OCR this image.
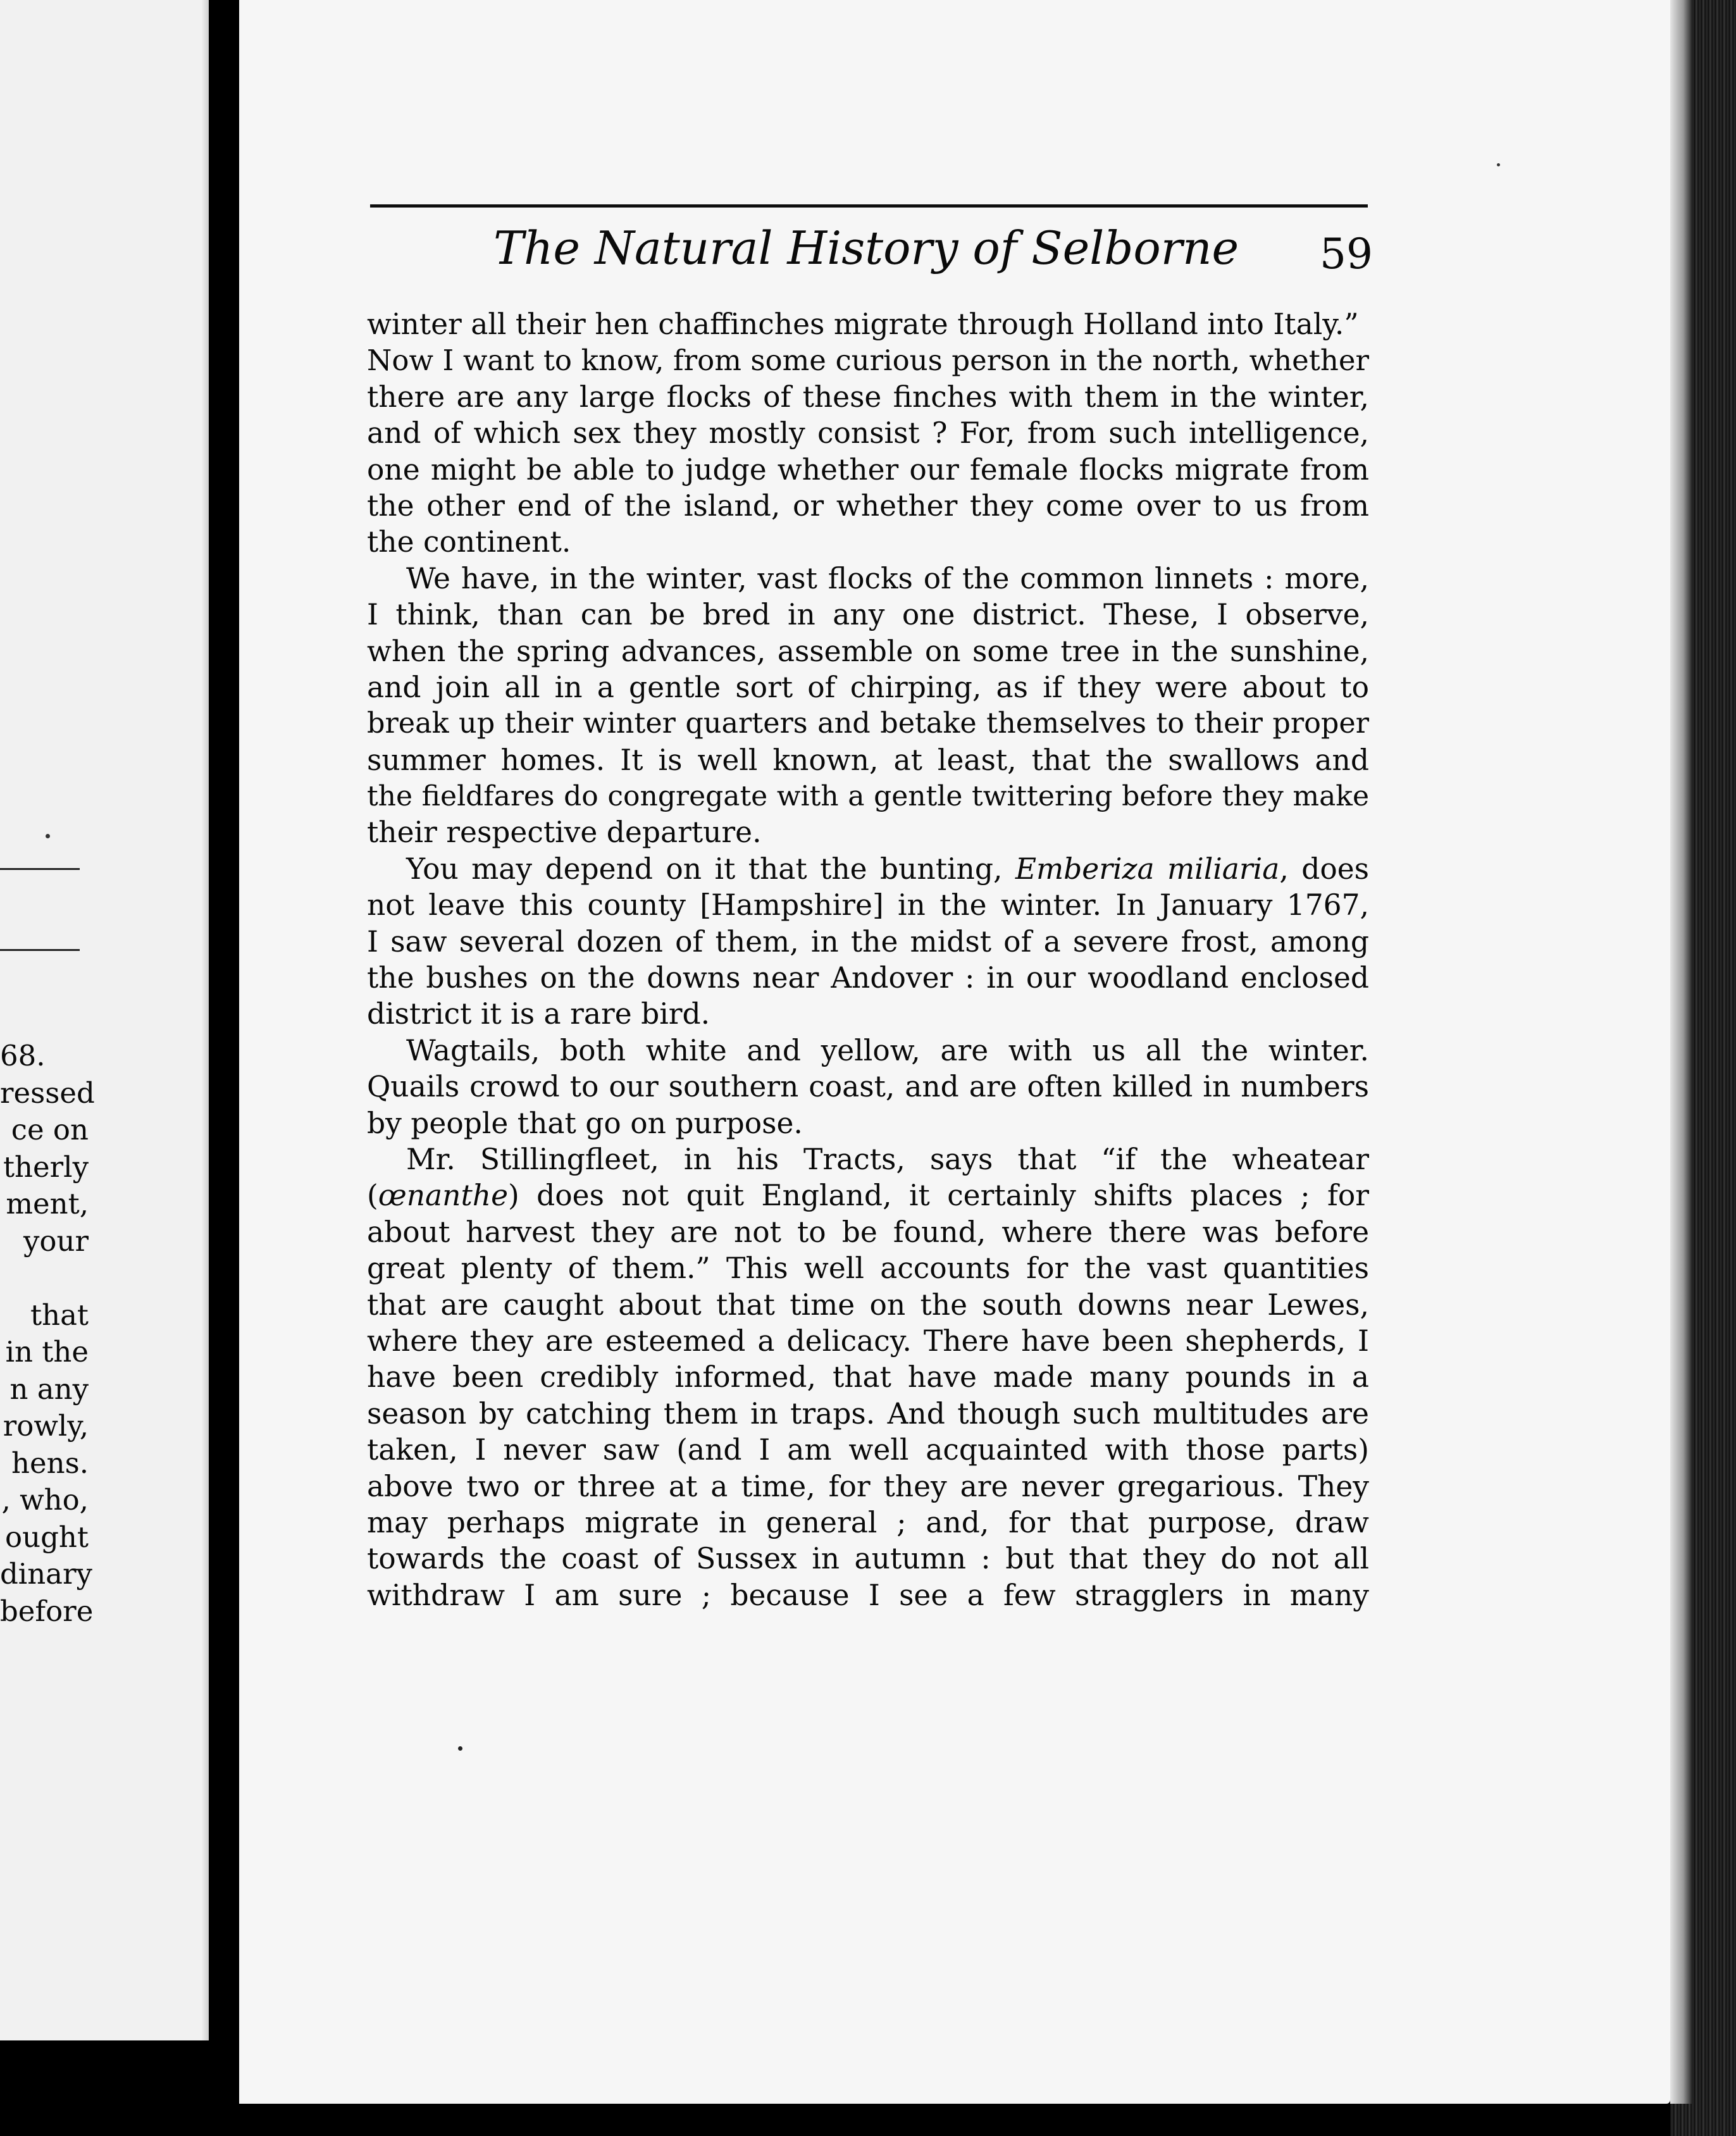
68.
ressed
ce on
therly
ment,
your
that
in the
n any
rowly,
hens.
, who,
ought
dinary
before
The Natural History of Selborne	59
winter all their hen chaffinches migrate through Holland into Italy.”
Now I want to know, from some curious person in the north, whether
there are any large flocks of these finches with them in the winter,
and of which sex they mostly consist ? For, from such intelligence,
one might be able to judge whether our female flocks migrate from
the other end of the island, or whether they come over to us from
the continent.
We have, in the winter, vast flocks of the common linnets : more,
I think, than can be bred in any one district. These, I observe,
when the spring advances, assemble on some tree in the sunshine,
and join all in a gentle sort of chirping, as if they were about to
break up their winter quarters and betake themselves to their proper
summer homes. It is well known, at least, that the swallows and
the fieldfares do congregate with a gentle twittering before they make
their respective departure.
You may depend on it that the bunting, Emberiza miliaria, does
not leave this county [Hampshire] in the winter. In January 1767,
I saw several dozen of them, in the midst of a severe frost, among
the bushes on the downs near Andover : in our woodland enclosed
district it is a rare bird.
Wagtails, both white and yellow, are with us all the winter.
Quails crowd to our southern coast, and are often killed in numbers
by people that go on purpose.
Mr. Stillingfleet, in his Tracts, says that “if the wheatear
(œnanthe) does not quit England, it certainly shifts places ; for
about harvest they are not to be found, where there was before
great plenty of them.” This well accounts for the vast quantities
that are caught about that time on the south downs near Lewes,
where they are esteemed a delicacy. There have been shepherds, I
have been credibly informed, that have made many pounds in a
season by catching them in traps. And though such multitudes are
taken, I never saw (and I am well acquainted with those parts)
above two or three at a time, for they are never gregarious. They
may perhaps migrate in general ; and, for that purpose, draw
towards the coast of Sussex in autumn : but that they do not all
withdraw I am sure ; because I see a few stragglers in many
